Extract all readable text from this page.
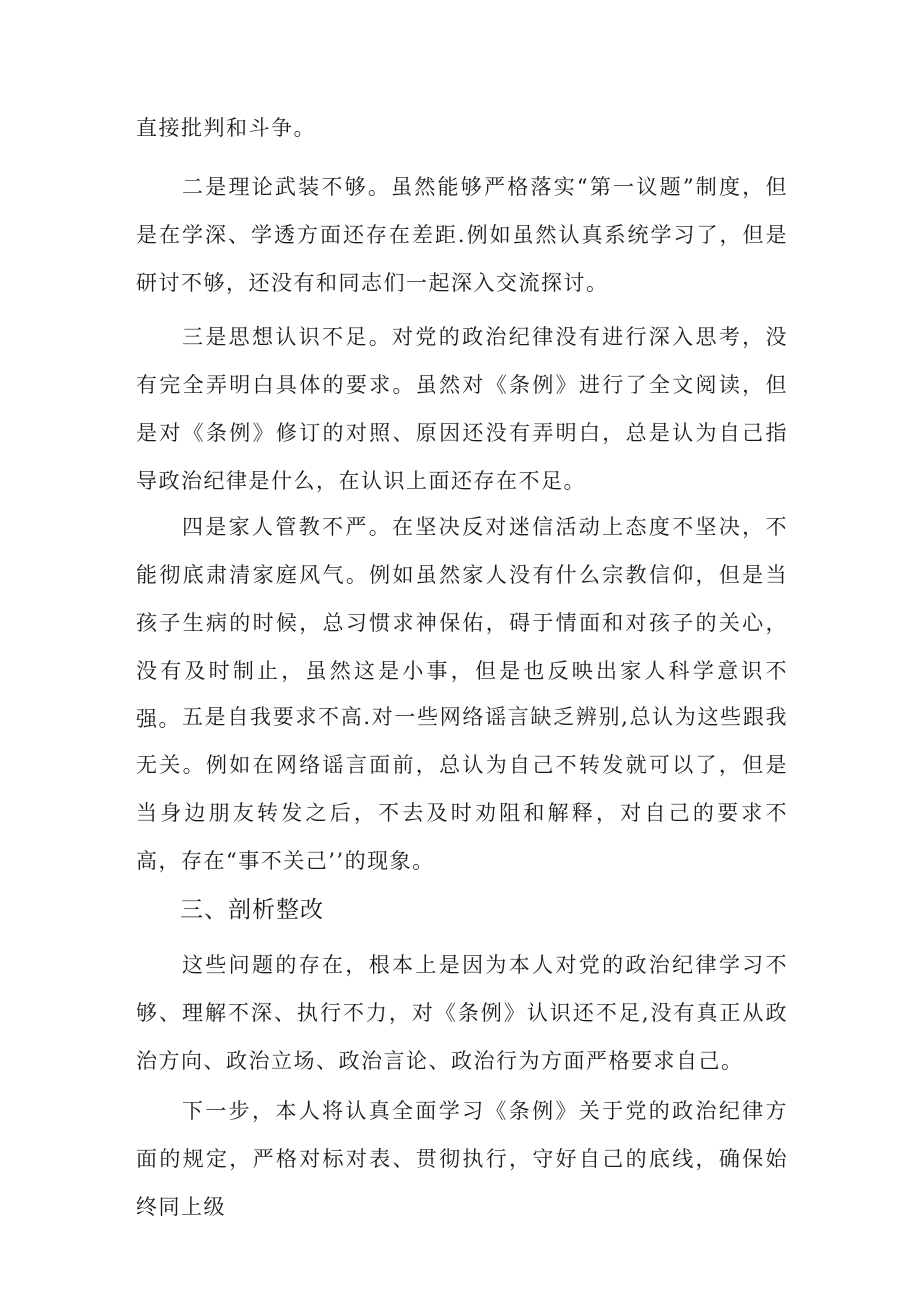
直接批判和斗争。

二是理论武装不够。虽然能够严格落实“第一议题”制度，但是在学深、学透方面还存在差距.例如虽然认真系统学习了，但是研讨不够，还没有和同志们一起深入交流探讨。

三是思想认识不足。对党的政治纪律没有进行深入思考，没有完全弄明白具体的要求。虽然对《条例》进行了全文阅读，但是对《条例》修订的对照、原因还没有弄明白，总是认为自己指导政治纪律是什么，在认识上面还存在不足。

四是家人管教不严。在坚决反对迷信活动上态度不坚决，不能彻底肃清家庭风气。例如虽然家人没有什么宗教信仰，但是当孩子生病的时候，总习惯求神保佑，碍于情面和对孩子的关心，没有及时制止，虽然这是小事，但是也反映出家人科学意识不强。 五是自我要求不高.对一些网络谣言缺乏辨别,总认为这些跟我无关。例如在网络谣言面前，总认为自己不转发就可以了，但是当身边朋友转发之后，不去及时劝阻和解释，对自己的要求不高，存在“事不关己’’的现象。

三、剖析整改

这些问题的存在，根本上是因为本人对党的政治纪律学习不够、理解不深、执行不力，对《条例》认识还不足,没有真正从政治方向、政治立场、政治言论、政治行为方面严格要求自己。

下一步，本人将认真全面学习《条例》关于党的政治纪律方面的规定，严格对标对表、贯彻执行，守好自己的底线，确保始终同上级
